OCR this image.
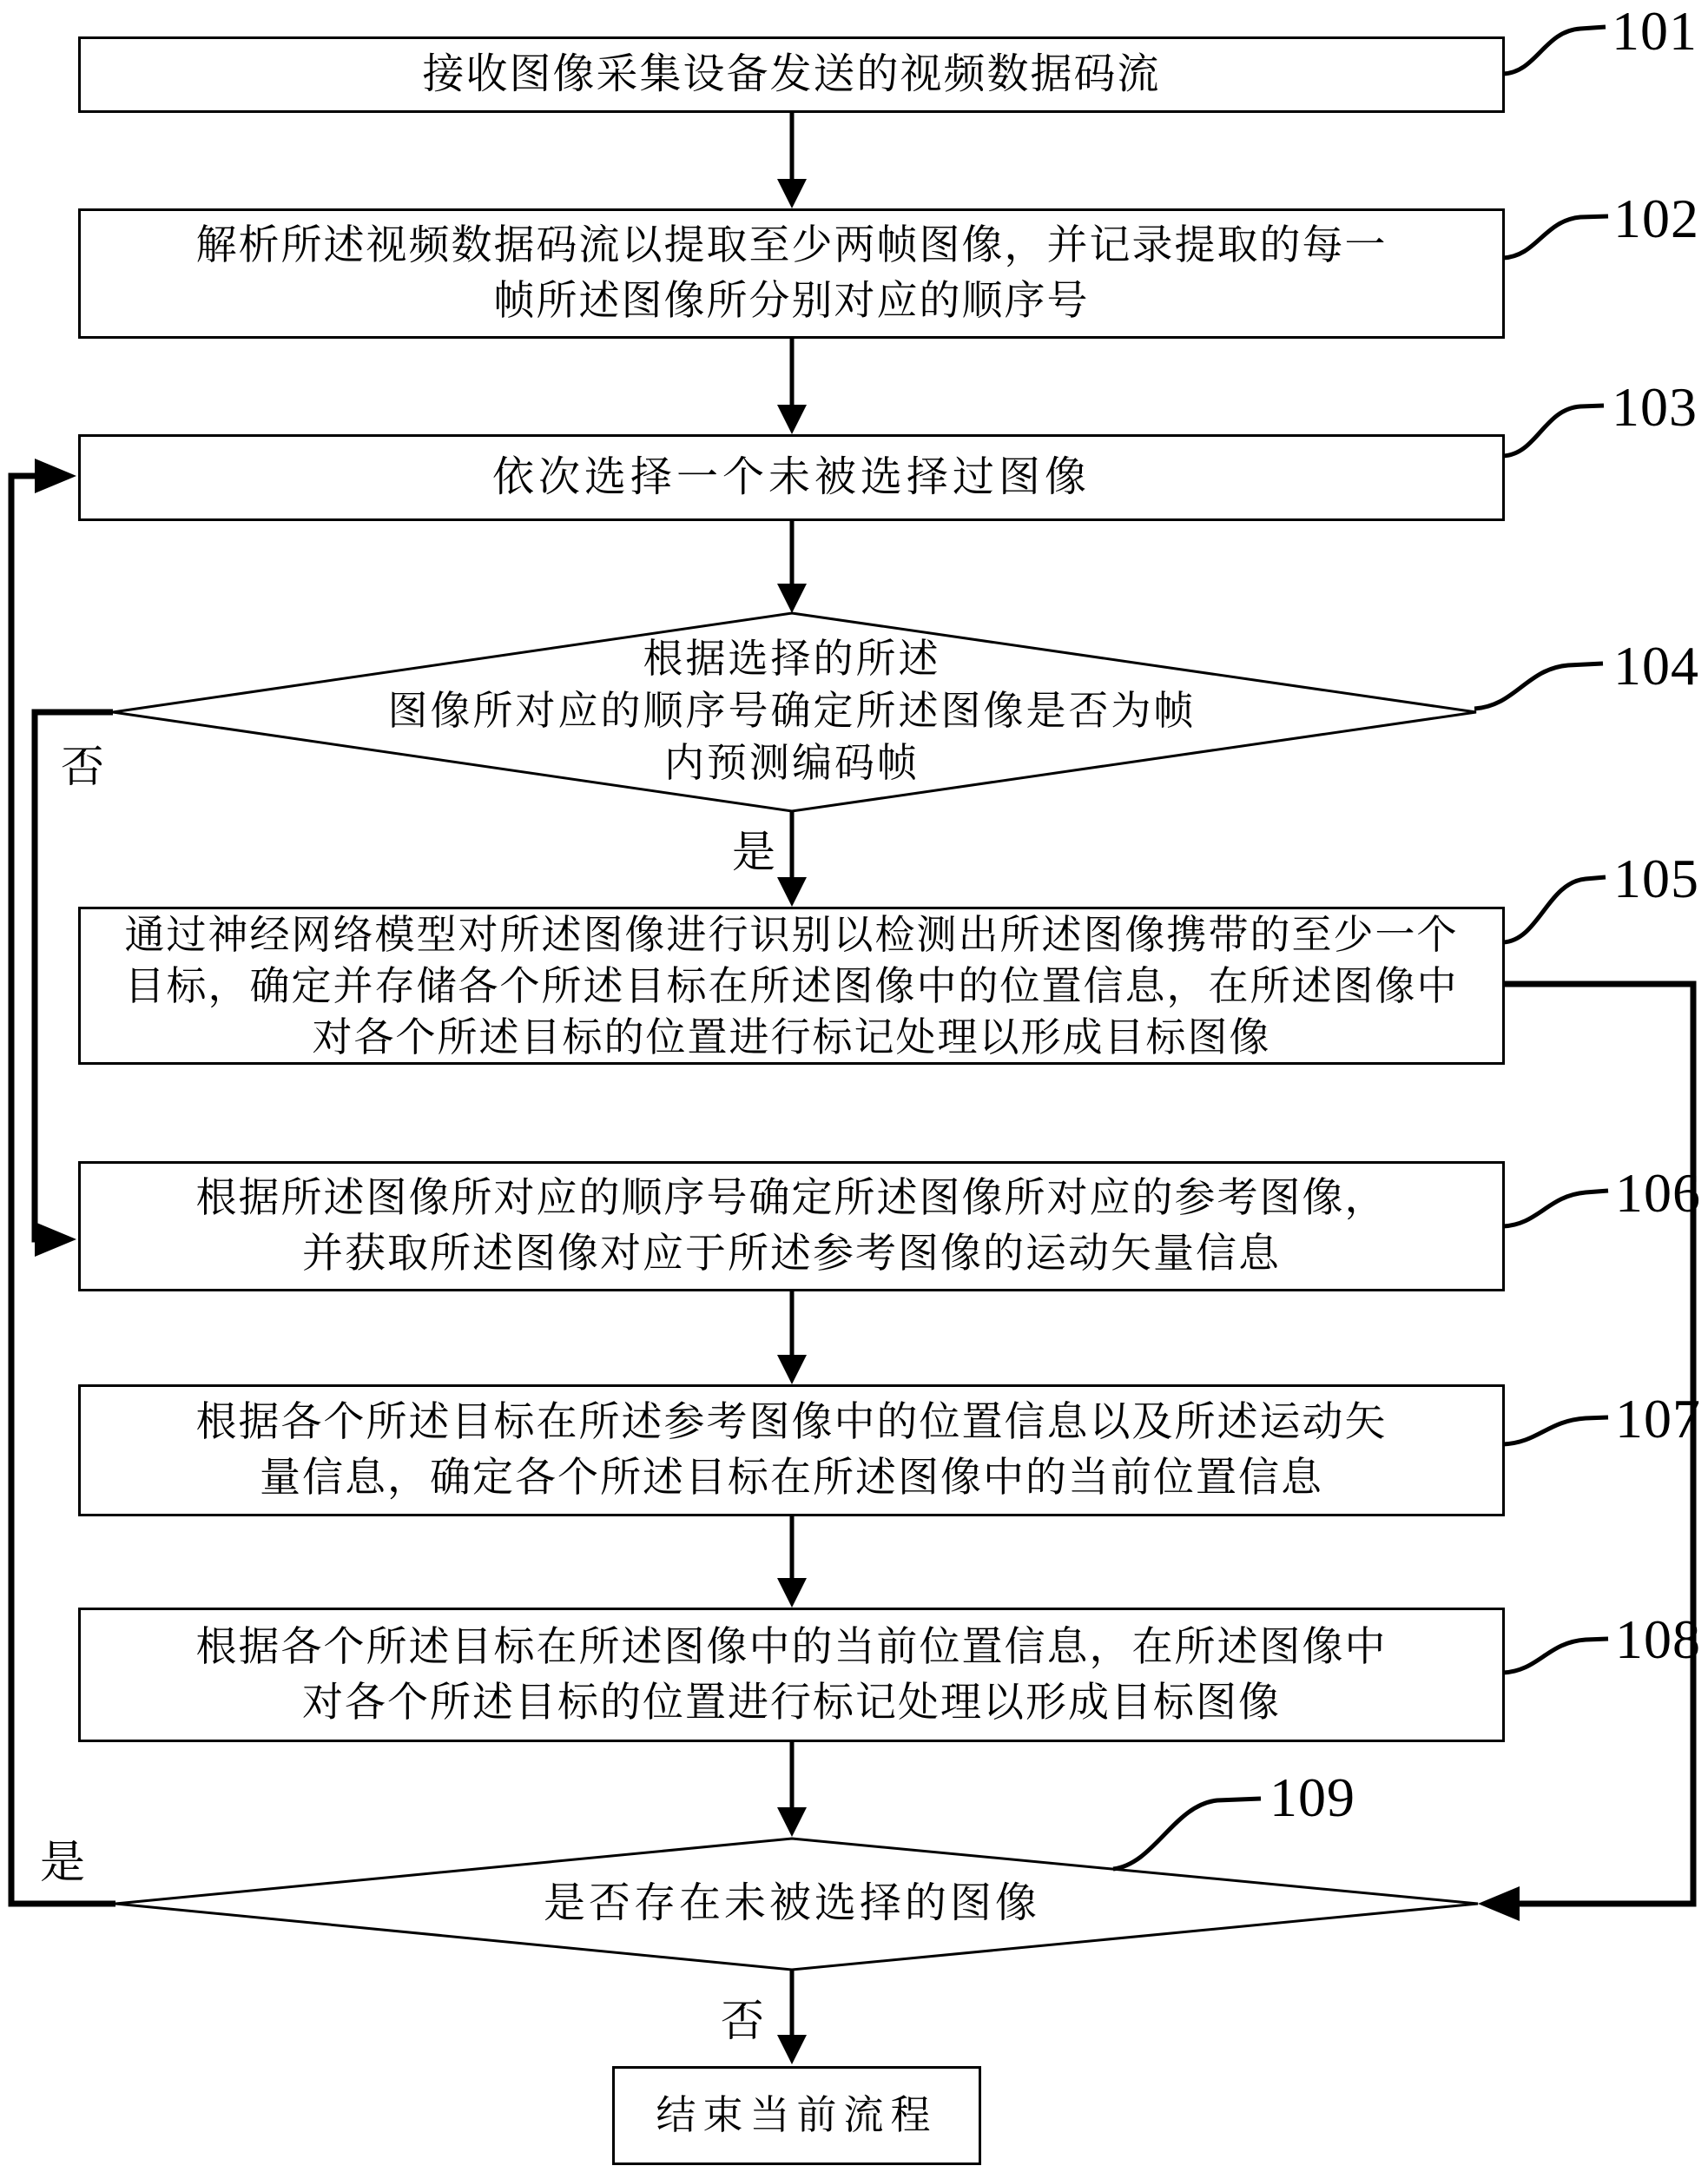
接收图像采集设备发送的视频数据码流
解析所述视频数据码流以提取至少两帧图像，并记录提取的每一
帧所述图像所分别对应的顺序号
依次选择一个未被选择过图像
根据选择的所述
图像所对应的顺序号确定所述图像是否为帧
内预测编码帧
通过神经网络模型对所述图像进行识别以检测出所述图像携带的至少一个
目标，确定并存储各个所述目标在所述图像中的位置信息，在所述图像中
对各个所述目标的位置进行标记处理以形成目标图像
根据所述图像所对应的顺序号确定所述图像所对应的参考图像，
并获取所述图像对应于所述参考图像的运动矢量信息
根据各个所述目标在所述参考图像中的位置信息以及所述运动矢
量信息，确定各个所述目标在所述图像中的当前位置信息
根据各个所述目标在所述图像中的当前位置信息，在所述图像中
对各个所述目标的位置进行标记处理以形成目标图像
是否存在未被选择的图像
结束当前流程
否
是
是
否
101
102
103
104
105
106
107
108
109
